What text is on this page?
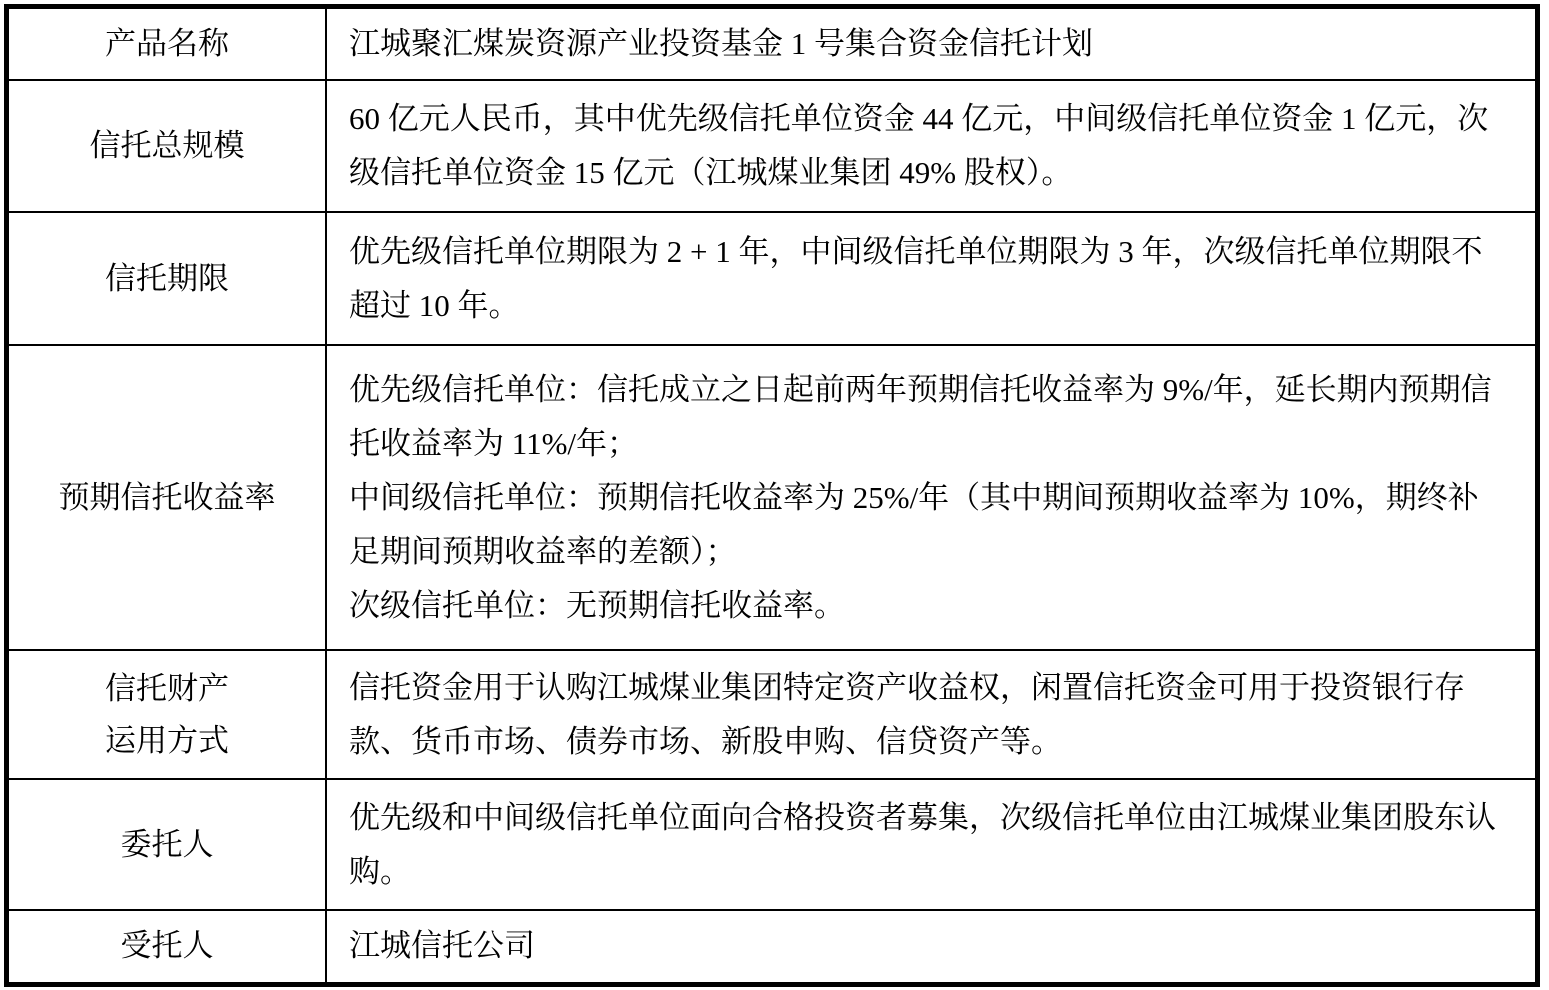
产品名称	江城聚汇煤炭资源产业投资基金 1 号集合资金信托计划

信托总规模	60 亿元人民币，其中优先级信托单位资金 44 亿元，中间级信托单位资金 1 亿元，次级信托单位资金 15 亿元（江城煤业集团 49% 股权）。

信托期限	优先级信托单位期限为 2 + 1 年，中间级信托单位期限为 3 年，次级信托单位期限不超过 10 年。

预期信托收益率	优先级信托单位：信托成立之日起前两年预期信托收益率为 9%/年，延长期内预期信托收益率为 11%/年；
中间级信托单位：预期信托收益率为 25%/年（其中期间预期收益率为 10%，期终补足期间预期收益率的差额）；
次级信托单位：无预期信托收益率。

信托财产
运用方式	信托资金用于认购江城煤业集团特定资产收益权，闲置信托资金可用于投资银行存款、货币市场、债券市场、新股申购、信贷资产等。

委托人	优先级和中间级信托单位面向合格投资者募集，次级信托单位由江城煤业集团股东认购。

受托人	江城信托公司
